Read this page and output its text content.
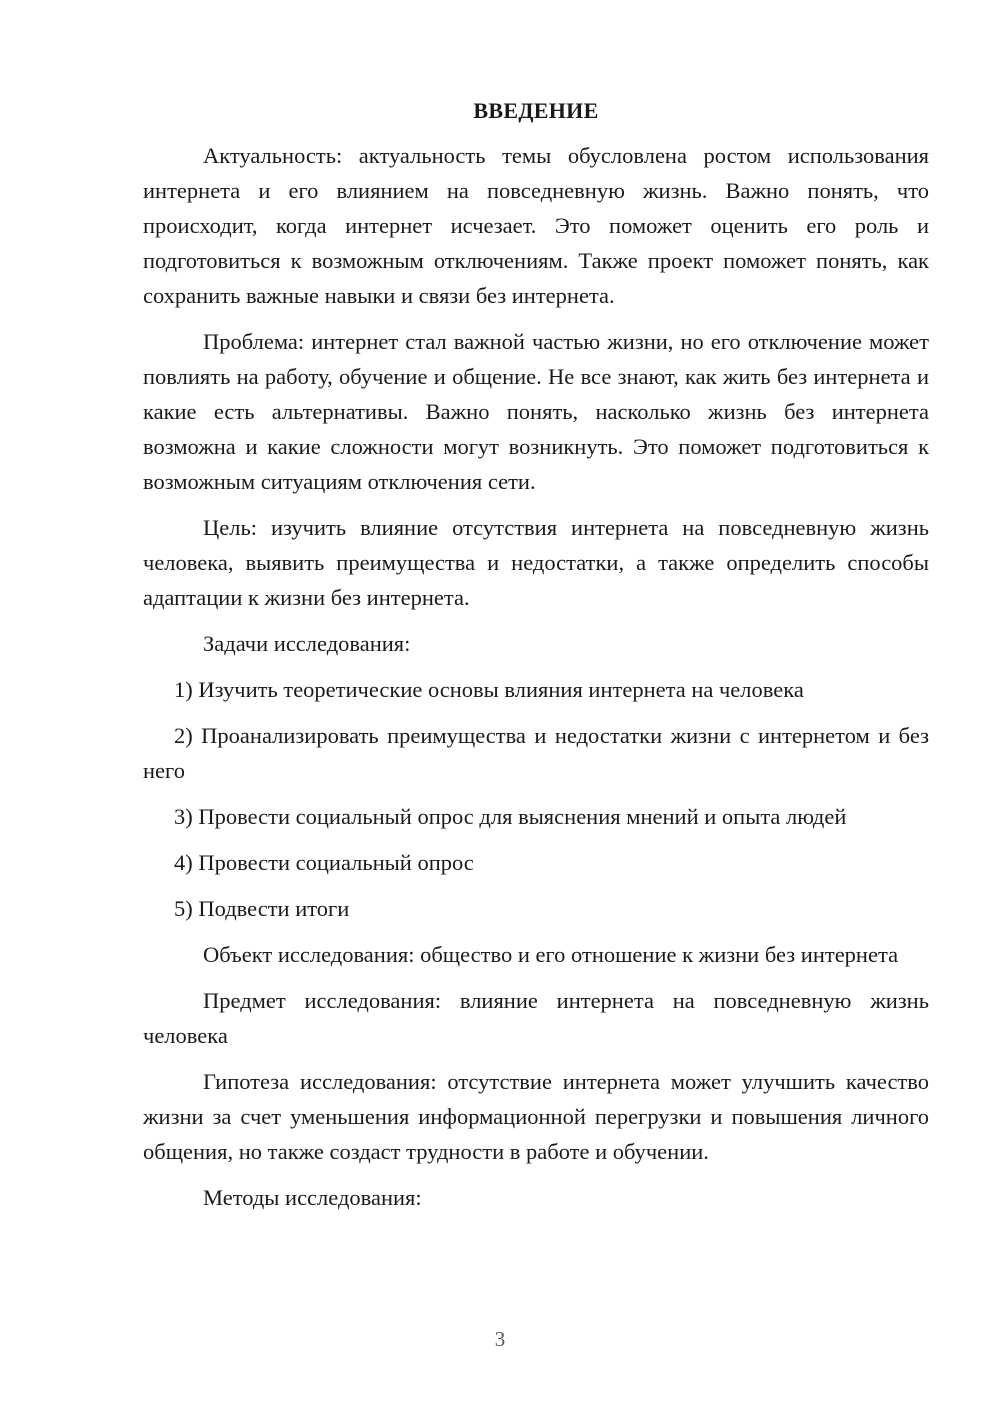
ВВЕДЕНИЕ

Актуальность: актуальность темы обусловлена ростом использования интернета и его влиянием на повседневную жизнь. Важно понять, что происходит, когда интернет исчезает. Это поможет оценить его роль и подготовиться к возможным отключениям. Также проект поможет понять, как сохранить важные навыки и связи без интернета.

Проблема: интернет стал важной частью жизни, но его отключение может повлиять на работу, обучение и общение. Не все знают, как жить без интернета и какие есть альтернативы. Важно понять, насколько жизнь без интернета возможна и какие сложности могут возникнуть. Это поможет подготовиться к возможным ситуациям отключения сети.

Цель: изучить влияние отсутствия интернета на повседневную жизнь человека, выявить преимущества и недостатки, а также определить способы адаптации к жизни без интернета.

Задачи исследования:

1) Изучить теоретические основы влияния интернета на человека

2) Проанализировать преимущества и недостатки жизни с интернетом и без него

3) Провести социальный опрос для выяснения мнений и опыта людей

4) Провести социальный опрос

5) Подвести итоги

Объект исследования: общество и его отношение к жизни без интернета

Предмет исследования: влияние интернета на повседневную жизнь человека

Гипотеза исследования: отсутствие интернета может улучшить качество жизни за счет уменьшения информационной перегрузки и повышения личного общения, но также создаст трудности в работе и обучении.

Методы исследования:

3
